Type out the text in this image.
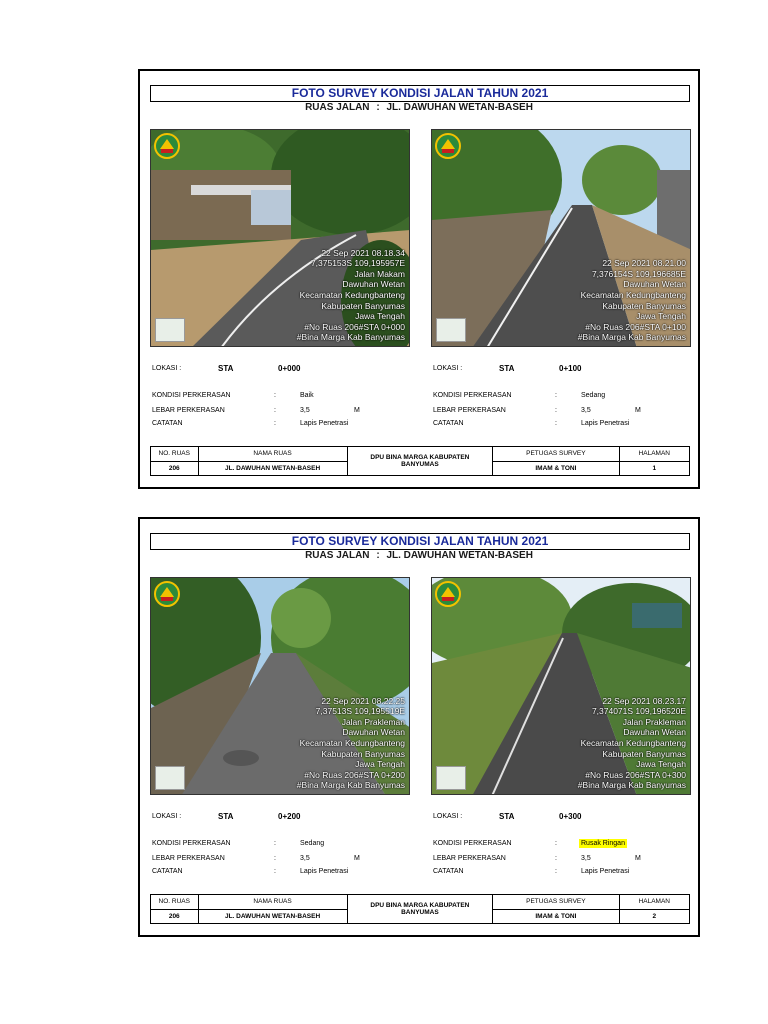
FOTO SURVEY KONDISI JALAN TAHUN 2021
RUAS JALAN : JL. DAWUHAN WETAN-BASEH
22 Sep 2021 08.18.34
7,375153S 109,195957E
Jalan Makam
Dawuhan Wetan
Kecamatan Kedungbanteng
Kabupaten Banyumas
Jawa Tengah
#No Ruas 206#STA 0+000
#Bina Marga Kab Banyumas
22 Sep 2021 08.21.00
7,376154S 109,196685E
Dawuhan Wetan
Kecamatan Kedungbanteng
Kabupaten Banyumas
Jawa Tengah
#No Ruas 206#STA 0+100
#Bina Marga Kab Banyumas
LOKASI :	STA	0+000
KONDISI PERKERASAN	:	Baik
LEBAR PERKERASAN	:	3,5	M
CATATAN	:	Lapis Penetrasi
LOKASI :	STA	0+100
KONDISI PERKERASAN	:	Sedang
LEBAR PERKERASAN	:	3,5	M
CATATAN	:	Lapis Penetrasi
NO. RUAS	NAMA RUAS	DPU BINA MARGA KABUPATEN BANYUMAS	PETUGAS SURVEY	HALAMAN
206	JL. DAWUHAN WETAN-BASEH		IMAM & TONI	1
FOTO SURVEY KONDISI JALAN TAHUN 2021
RUAS JALAN : JL. DAWUHAN WETAN-BASEH
22 Sep 2021 08.22.25
7,37513S 109,195519E
Jalan Prakleman
Dawuhan Wetan
Kecamatan Kedungbanteng
Kabupaten Banyumas
Jawa Tengah
#No Ruas 206#STA 0+200
#Bina Marga Kab Banyumas
22 Sep 2021 08.23.17
7,374071S 109,196520E
Jalan Prakleman
Dawuhan Wetan
Kecamatan Kedungbanteng
Kabupaten Banyumas
Jawa Tengah
#No Ruas 206#STA 0+300
#Bina Marga Kab Banyumas
LOKASI :	STA	0+200
KONDISI PERKERASAN	:	Sedang
LEBAR PERKERASAN	:	3,5	M
CATATAN	:	Lapis Penetrasi
LOKASI :	STA	0+300
KONDISI PERKERASAN	:	Rusak Ringan
LEBAR PERKERASAN	:	3,5	M
CATATAN	:	Lapis Penetrasi
NO. RUAS	NAMA RUAS	DPU BINA MARGA KABUPATEN BANYUMAS	PETUGAS SURVEY	HALAMAN
206	JL. DAWUHAN WETAN-BASEH		IMAM & TONI	2
